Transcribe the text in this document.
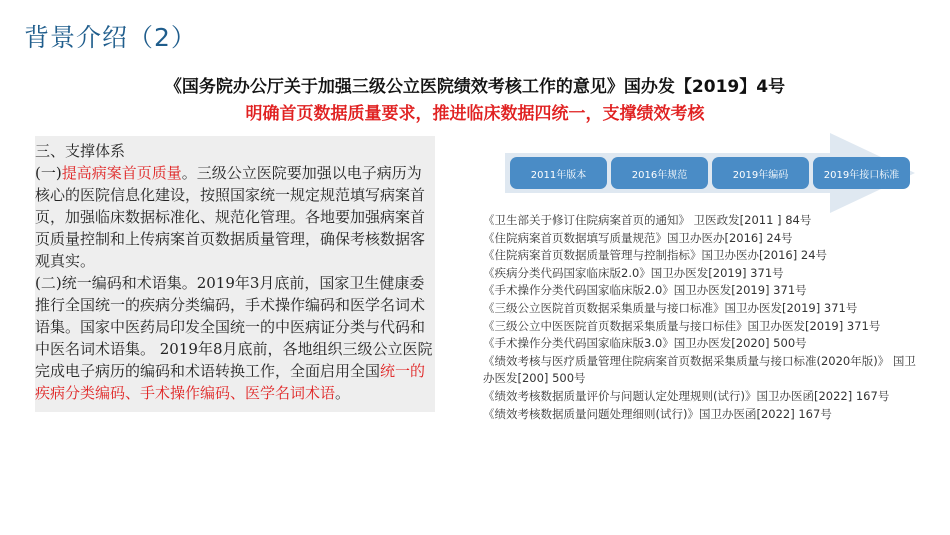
背景介绍（2）
《国务院办公厅关于加强三级公立医院绩效考核工作的意见》国办发【2019】4号
明确首页数据质量要求，推进临床数据四统一，支撑绩效考核

三、支撑体系

(一)提高病案首页质量。三级公立医院要加强以电子病历为核心的医院信息化建设，按照国家统一规定规范填写病案首页，加强临床数据标准化、规范化管理。各地要加强病案首页质量控制和上传病案首页数据质量管理，确保考核数据客观真实。

(二)统一编码和术语集。2019年3月底前，国家卫生健康委推行全国统一的疾病分类编码，手术操作编码和医学名词术语集。国家中医药局印发全国统一的中医病证分类与代码和中医名词术语集。 2019年8月底前，各地组织三级公立医院完成电子病历的编码和术语转换工作，全面启用全国统一的疾病分类编码、手术操作编码、医学名词术语。

2011年版本	2016年规范	2019年编码	2019年接口标准
《卫生部关于修订住院病案首页的通知》 卫医政发[2011 ] 84号
《住院病案首页数据填写质量规范》国卫办医办[2016] 24号
《住院病案首页数据质量管理与控制指标》国卫办医办[2016] 24号
《疾病分类代码国家临床版2.0》国卫办医发[2019] 371号
《手术操作分类代码国家临床版2.0》国卫办医发[2019] 371号
《三级公立医院首页数据采集质量与接口标准》国卫办医发[2019] 371号
《三级公立中医医院首页数据采集质量与接口标佳》国卫办医发[2019] 371号
《手术操作分类代码国家临床版3.0》国卫办医发[2020] 500号
《绩效考核与医疗质量管理住院病案首页数据采集质量与接口标准(2020年版)》 国卫办医发[200] 500号
《绩效考核数据质量评价与问题认定处理规则(试行)》国卫办医函[2022] 167号
《绩效考核数据质量问题处理细则(试行)》国卫办医函[2022] 167号
